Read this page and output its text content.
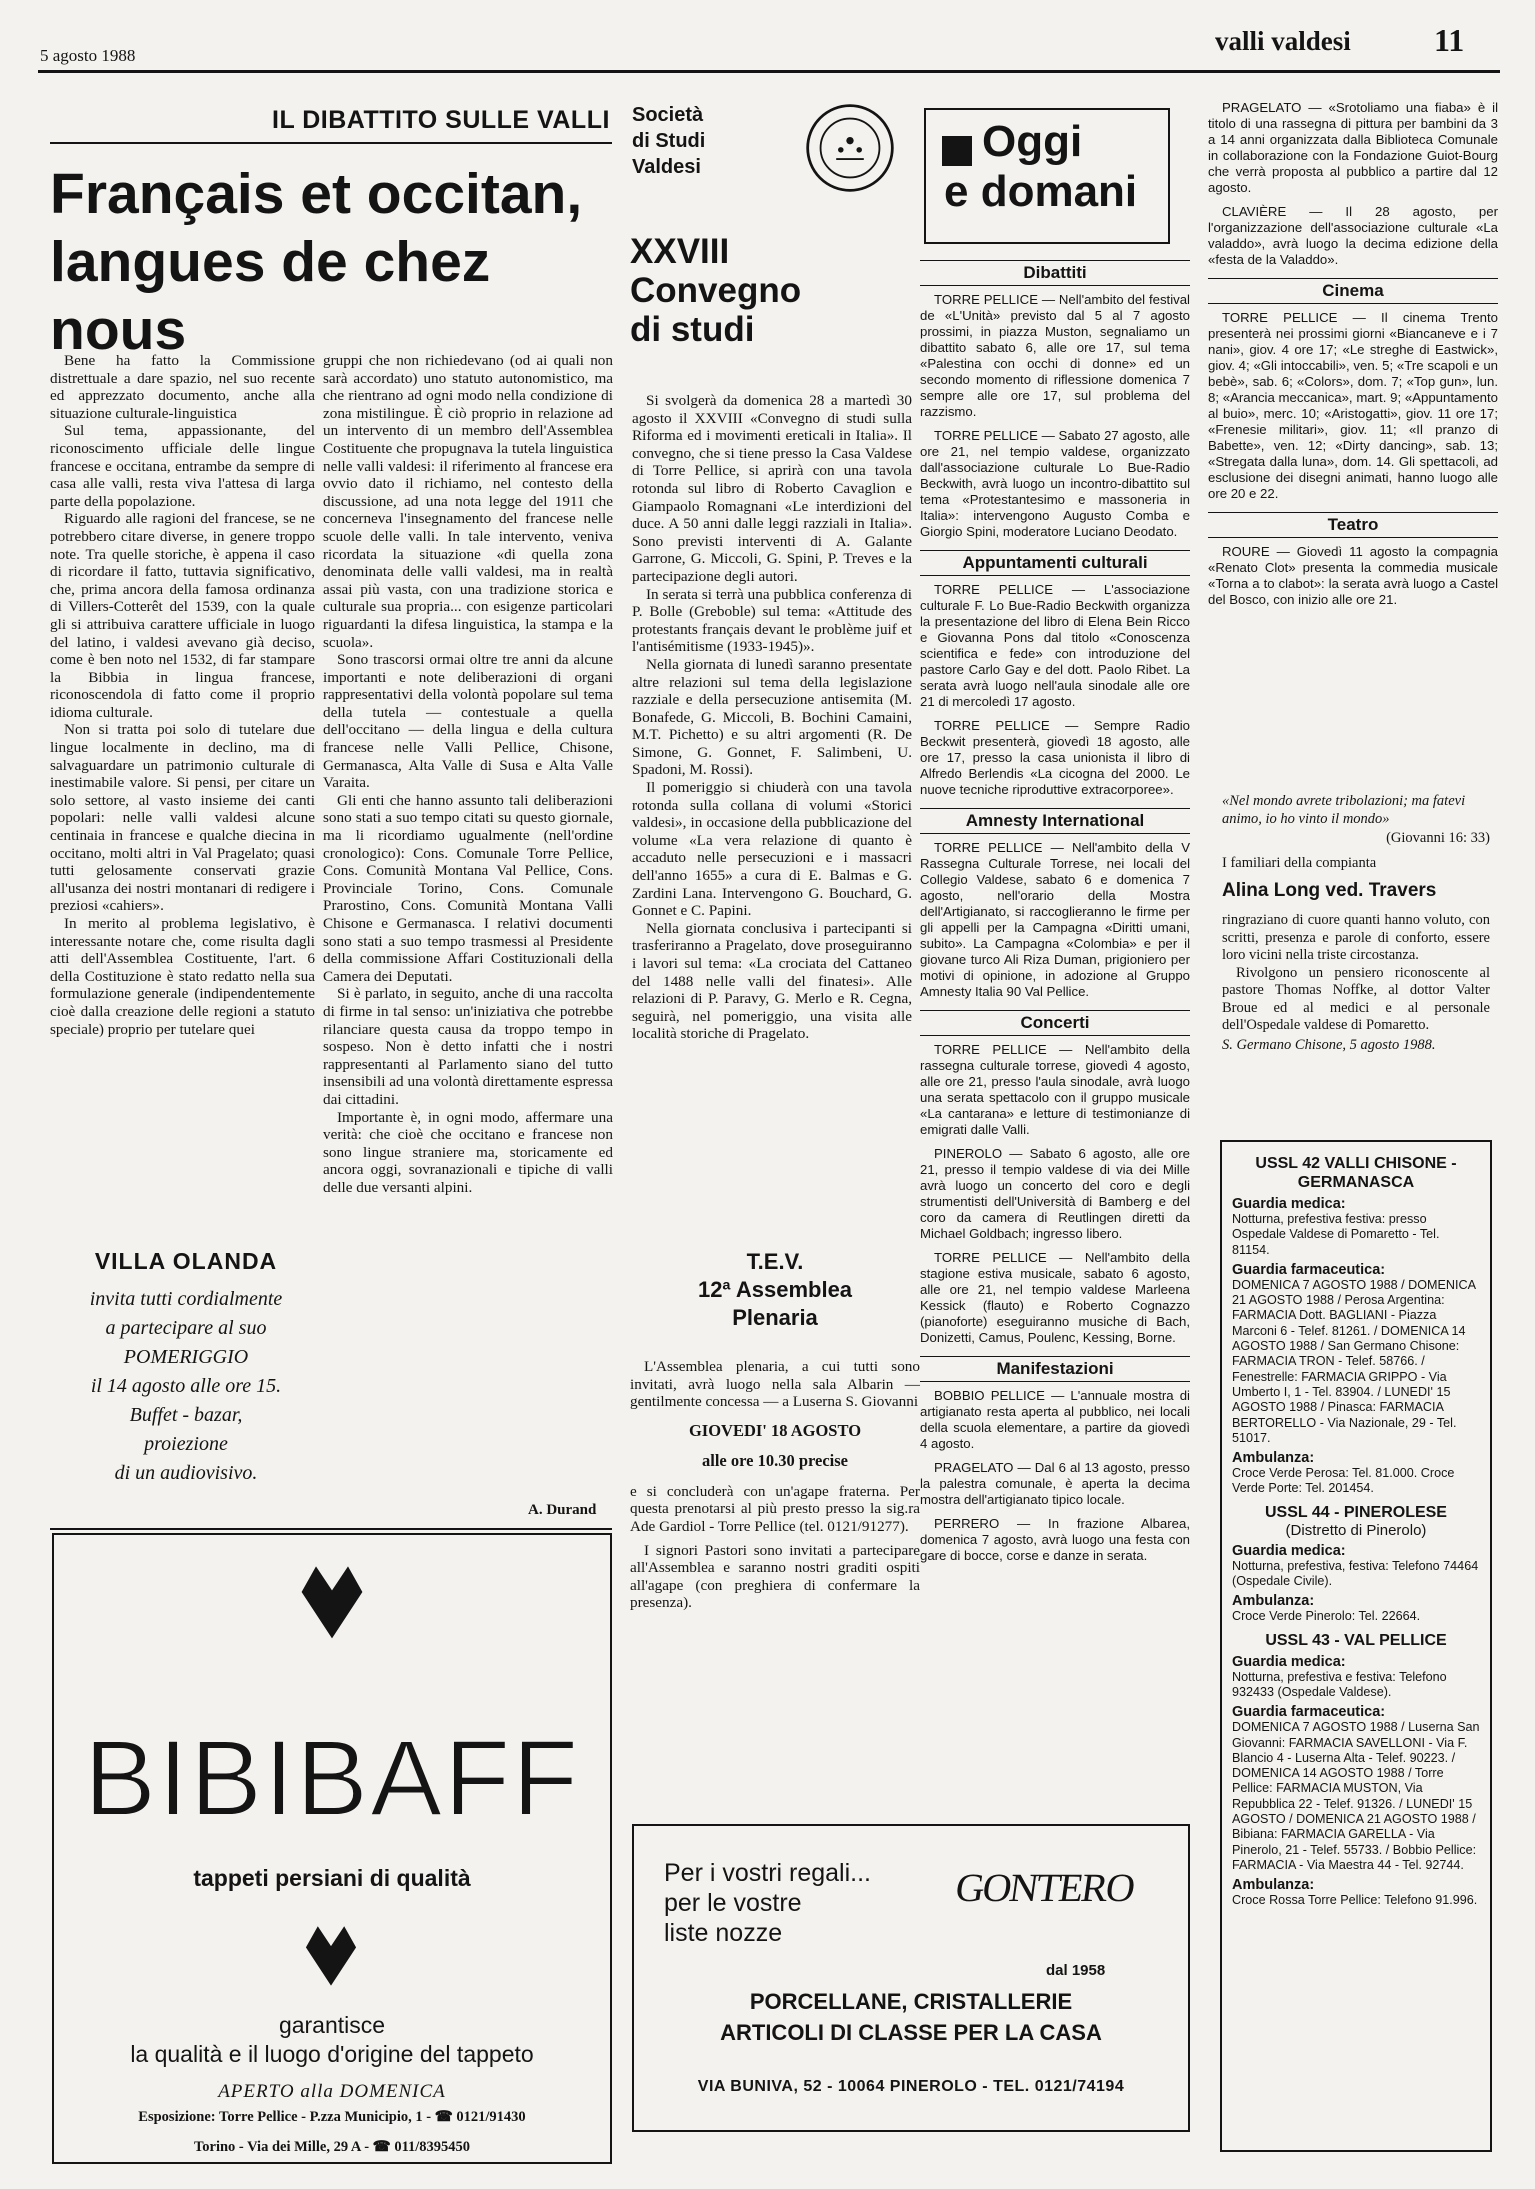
5 agosto 1988	valli valdesi	11
IL DIBATTITO SULLE VALLI
Français et occitan, langues de chez nous

Bene ha fatto la Commissione distrettuale a dare spazio, nel suo recente ed apprezzato documento, anche alla situazione culturale-linguistica

Sul tema, appassionante, del riconoscimento ufficiale delle lingue francese e occitana, entrambe da sempre di casa alle valli, resta viva l'attesa di larga parte della popolazione.

Riguardo alle ragioni del francese, se ne potrebbero citare diverse, in genere troppo note. Tra quelle storiche, è appena il caso di ricordare il fatto, tuttavia significativo, che, prima ancora della famosa ordinanza di Villers-Cotterêt del 1539, con la quale gli si attribuiva carattere ufficiale in luogo del latino, i valdesi avevano già deciso, come è ben noto nel 1532, di far stampare la Bibbia in lingua francese, riconoscendola di fatto come il proprio idioma culturale.

Non si tratta poi solo di tutelare due lingue localmente in declino, ma di salvaguardare un patrimonio culturale di inestimabile valore. Si pensi, per citare un solo settore, al vasto insieme dei canti popolari: nelle valli valdesi alcune centinaia in francese e qualche diecina in occitano, molti altri in Val Pragelato; quasi tutti gelosamente conservati grazie all'usanza dei nostri montanari di redigere i preziosi «cahiers».

In merito al problema legislativo, è interessante notare che, come risulta dagli atti dell'Assemblea Costituente, l'art. 6 della Costituzione è stato redatto nella sua formulazione generale (indipendentemente cioè dalla creazione delle regioni a statuto speciale) proprio per tutelare quei

gruppi che non richiedevano (od ai quali non sarà accordato) uno statuto autonomistico, ma che rientrano ad ogni modo nella condizione di zona mistilingue. È ciò proprio in relazione ad un intervento di un membro dell'Assemblea Costituente che propugnava la tutela linguistica nelle valli valdesi: il riferimento al francese era ovvio dato il richiamo, nel contesto della discussione, ad una nota legge del 1911 che concerneva l'insegnamento del francese nelle scuole delle valli. In tale intervento, veniva ricordata la situazione «di quella zona denominata delle valli valdesi, ma in realtà assai più vasta, con una tradizione storica e culturale sua propria... con esigenze particolari riguardanti la difesa linguistica, la stampa e la scuola».

Sono trascorsi ormai oltre tre anni da alcune importanti e note deliberazioni di organi rappresentativi della volontà popolare sul tema della tutela — contestuale a quella dell'occitano — della lingua e della cultura francese nelle Valli Pellice, Chisone, Germanasca, Alta Valle di Susa e Alta Valle Varaita.

Gli enti che hanno assunto tali deliberazioni sono stati a suo tempo citati su questo giornale, ma li ricordiamo ugualmente (nell'ordine cronologico): Cons. Comunale Torre Pellice, Cons. Comunità Montana Val Pellice, Cons. Provinciale Torino, Cons. Comunale Prarostino, Cons. Comunità Montana Valli Chisone e Germanasca. I relativi documenti sono stati a suo tempo trasmessi al Presidente della commissione Affari Costituzionali della Camera dei Deputati.

Si è parlato, in seguito, anche di una raccolta di firme in tal senso: un'iniziativa che potrebbe rilanciare questa causa da troppo tempo in sospeso. Non è detto infatti che i nostri rappresentanti al Parlamento siano del tutto insensibili ad una volontà direttamente espressa dai cittadini.

Importante è, in ogni modo, affermare una verità: che cioè che occitano e francese non sono lingue straniere ma, storicamente ed ancora oggi, sovranazionali e tipiche di valli delle due versanti alpini.

A. Durand
VILLA OLANDA
invita tutti cordialmente
a partecipare al suo
POMERIGGIO
il 14 agosto alle ore 15.
Buffet - bazar,
proiezione
di un audiovisivo.
BIBIBAFF
tappeti persiani di qualità
garantisce
la qualità e il luogo d'origine del tappeto
APERTO alla DOMENICA
Esposizione: Torre Pellice - P.zza Municipio, 1 - ☎ 0121/91430
Torino - Via dei Mille, 29 A - ☎ 011/8395450
Società
di Studi
Valdesi
XXVIII
Convegno
di studi

Si svolgerà da domenica 28 a martedì 30 agosto il XXVIII «Convegno di studi sulla Riforma ed i movimenti ereticali in Italia». Il convegno, che si tiene presso la Casa Valdese di Torre Pellice, si aprirà con una tavola rotonda sul libro di Roberto Cavaglion e Giampaolo Romagnani «Le interdizioni del duce. A 50 anni dalle leggi razziali in Italia». Sono previsti interventi di A. Galante Garrone, G. Miccoli, G. Spini, P. Treves e la partecipazione degli autori.

In serata si terrà una pubblica conferenza di P. Bolle (Greboble) sul tema: «Attitude des protestants français devant le problème juif et l'antisémitisme (1933-1945)».

Nella giornata di lunedì saranno presentate altre relazioni sul tema della legislazione razziale e della persecuzione antisemita (M. Bonafede, G. Miccoli, B. Bochini Camaini, M.T. Pichetto) e su altri argomenti (R. De Simone, G. Gonnet, F. Salimbeni, U. Spadoni, M. Rossi).

Il pomeriggio si chiuderà con una tavola rotonda sulla collana di volumi «Storici valdesi», in occasione della pubblicazione del volume «La vera relazione di quanto è accaduto nelle persecuzioni e i massacri dell'anno 1655» a cura di E. Balmas e G. Zardini Lana. Intervengono G. Bouchard, G. Gonnet e C. Papini.

Nella giornata conclusiva i partecipanti si trasferiranno a Pragelato, dove proseguiranno i lavori sul tema: «La crociata del Cattaneo del 1488 nelle valli del finatesi». Alle relazioni di P. Paravy, G. Merlo e R. Cegna, seguirà, nel pomeriggio, una visita alle località storiche di Pragelato.

T.E.V.
12ª Assemblea
Plenaria

L'Assemblea plenaria, a cui tutti sono invitati, avrà luogo nella sala Albarin — gentilmente concessa — a Luserna S. Giovanni

GIOVEDI' 18 AGOSTO
alle ore 10.30 precise

e si concluderà con un'agape fraterna. Per questa prenotarsi al più presto presso la sig.ra Ade Gardiol - Torre Pellice (tel. 0121/91277).

I signori Pastori sono invitati a partecipare all'Assemblea e saranno nostri graditi ospiti all'agape (con preghiera di confermare la presenza).

Per i vostri regali...
per le vostre
liste nozze
GONTERO
dal 1958
PORCELLANE, CRISTALLERIE
ARTICOLI DI CLASSE PER LA CASA
VIA BUNIVA, 52 - 10064 PINEROLO - TEL. 0121/74194
Oggi
e domani
Dibattiti

TORRE PELLICE — Nell'ambito del festival de «L'Unità» previsto dal 5 al 7 agosto prossimi, in piazza Muston, segnaliamo un dibattito sabato 6, alle ore 17, sul tema «Palestina con occhi di donne» ed un secondo momento di riflessione domenica 7 sempre alle ore 17, sul problema del razzismo.

TORRE PELLICE — Sabato 27 agosto, alle ore 21, nel tempio valdese, organizzato dall'associazione culturale Lo Bue-Radio Beckwith, avrà luogo un incontro-dibattito sul tema «Protestantesimo e massoneria in Italia»: intervengono Augusto Comba e Giorgio Spini, moderatore Luciano Deodato.

Appuntamenti culturali

TORRE PELLICE — L'associazione culturale F. Lo Bue-Radio Beckwith organizza la presentazione del libro di Elena Bein Ricco e Giovanna Pons dal titolo «Conoscenza scientifica e fede» con introduzione del pastore Carlo Gay e del dott. Paolo Ribet. La serata avrà luogo nell'aula sinodale alle ore 21 di mercoledì 17 agosto.

TORRE PELLICE — Sempre Radio Beckwit presenterà, giovedì 18 agosto, alle ore 17, presso la casa unionista il libro di Alfredo Berlendis «La cicogna del 2000. Le nuove tecniche riproduttive extracorporee».

Amnesty International

TORRE PELLICE — Nell'ambito della V Rassegna Culturale Torrese, nei locali del Collegio Valdese, sabato 6 e domenica 7 agosto, nell'orario della Mostra dell'Artigianato, si raccoglieranno le firme per gli appelli per la Campagna «Diritti umani, subito». La Campagna «Colombia» e per il giovane turco Ali Riza Duman, prigioniero per motivi di opinione, in adozione al Gruppo Amnesty Italia 90 Val Pellice.

Concerti

TORRE PELLICE — Nell'ambito della rassegna culturale torrese, giovedì 4 agosto, alle ore 21, presso l'aula sinodale, avrà luogo una serata spettacolo con il gruppo musicale «La cantarana» e letture di testimonianze di emigrati dalle Valli.

PINEROLO — Sabato 6 agosto, alle ore 21, presso il tempio valdese di via dei Mille avrà luogo un concerto del coro e degli strumentisti dell'Università di Bamberg e del coro da camera di Reutlingen diretti da Michael Goldbach; ingresso libero.

TORRE PELLICE — Nell'ambito della stagione estiva musicale, sabato 6 agosto, alle ore 21, nel tempio valdese Marleena Kessick (flauto) e Roberto Cognazzo (pianoforte) eseguiranno musiche di Bach, Donizetti, Camus, Poulenc, Kessing, Borne.

Manifestazioni

BOBBIO PELLICE — L'annuale mostra di artigianato resta aperta al pubblico, nei locali della scuola elementare, a partire da giovedì 4 agosto.

PRAGELATO — Dal 6 al 13 agosto, presso la palestra comunale, è aperta la decima mostra dell'artigianato tipico locale.

PERRERO — In frazione Albarea, domenica 7 agosto, avrà luogo una festa con gare di bocce, corse e danze in serata.

PRAGELATO — «Srotoliamo una fiaba» è il titolo di una rassegna di pittura per bambini da 3 a 14 anni organizzata dalla Biblioteca Comunale in collaborazione con la Fondazione Guiot-Bourg che verrà proposta al pubblico a partire dal 12 agosto.

CLAVIÈRE — Il 28 agosto, per l'organizzazione dell'associazione culturale «La valaddo», avrà luogo la decima edizione della «festa de la Valaddo».

Cinema

TORRE PELLICE — Il cinema Trento presenterà nei prossimi giorni «Biancaneve e i 7 nani», giov. 4 ore 17; «Le streghe di Eastwick», giov. 4; «Gli intoccabili», ven. 5; «Tre scapoli e un bebè», sab. 6; «Colors», dom. 7; «Top gun», lun. 8; «Arancia meccanica», mart. 9; «Appuntamento al buio», merc. 10; «Aristogatti», giov. 11 ore 17; «Frenesie militari», giov. 11; «Il pranzo di Babette», ven. 12; «Dirty dancing», sab. 13; «Stregata dalla luna», dom. 14. Gli spettacoli, ad esclusione dei disegni animati, hanno luogo alle ore 20 e 22.

Teatro

ROURE — Giovedì 11 agosto la compagnia «Renato Clot» presenta la commedia musicale «Torna a to clabot»: la serata avrà luogo a Castel del Bosco, con inizio alle ore 21.

«Nel mondo avrete tribolazioni; ma fatevi animo, io ho vinto il mondo»
(Giovanni 16: 33)
I familiari della compianta
Alina Long ved. Travers

ringraziano di cuore quanti hanno voluto, con scritti, presenza e parole di conforto, essere loro vicini nella triste circostanza.

Rivolgono un pensiero riconoscente al pastore Thomas Noffke, al dottor Valter Broue ed al medici e al personale dell'Ospedale valdese di Pomaretto.

S. Germano Chisone, 5 agosto 1988.
USSL 42 VALLI CHISONE - GERMANASCA
Guardia medica:
Notturna, prefestiva festiva: presso Ospedale Valdese di Pomaretto - Tel. 81154.
Guardia farmaceutica:
DOMENICA 7 AGOSTO 1988 / DOMENICA 21 AGOSTO 1988 / Perosa Argentina: FARMACIA Dott. BAGLIANI - Piazza Marconi 6 - Telef. 81261. / DOMENICA 14 AGOSTO 1988 / San Germano Chisone: FARMACIA TRON - Telef. 58766. / Fenestrelle: FARMACIA GRIPPO - Via Umberto I, 1 - Tel. 83904. / LUNEDI' 15 AGOSTO 1988 / Pinasca: FARMACIA BERTORELLO - Via Nazionale, 29 - Tel. 51017.
Ambulanza:
Croce Verde Perosa: Tel. 81.000. Croce Verde Porte: Tel. 201454.
USSL 44 - PINEROLESE
(Distretto di Pinerolo)
Guardia medica:
Notturna, prefestiva, festiva: Telefono 74464 (Ospedale Civile).
Ambulanza:
Croce Verde Pinerolo: Tel. 22664.
USSL 43 - VAL PELLICE
Guardia medica:
Notturna, prefestiva e festiva: Telefono 932433 (Ospedale Valdese).
Guardia farmaceutica:
DOMENICA 7 AGOSTO 1988 / Luserna San Giovanni: FARMACIA SAVELLONI - Via F. Blancio 4 - Luserna Alta - Telef. 90223. / DOMENICA 14 AGOSTO 1988 / Torre Pellice: FARMACIA MUSTON, Via Repubblica 22 - Telef. 91326. / LUNEDI' 15 AGOSTO / DOMENICA 21 AGOSTO 1988 / Bibiana: FARMACIA GARELLA - Via Pinerolo, 21 - Telef. 55733. / Bobbio Pellice: FARMACIA - Via Maestra 44 - Tel. 92744.
Ambulanza:
Croce Rossa Torre Pellice: Telefono 91.996.
